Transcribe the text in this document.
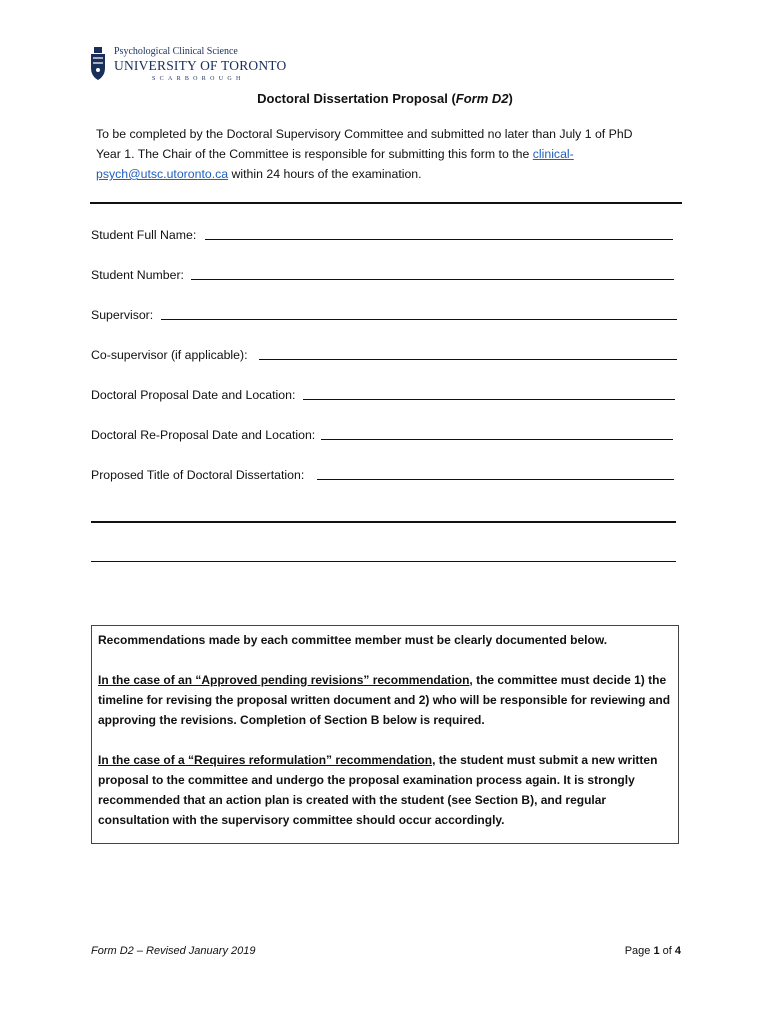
Psychological Clinical Science
UNIVERSITY OF TORONTO
SCARBOROUGH
Doctoral Dissertation Proposal (Form D2)
To be completed by the Doctoral Supervisory Committee and submitted no later than July 1 of PhD Year 1. The Chair of the Committee is responsible for submitting this form to the clinical-
psych@utsc.utoronto.ca within 24 hours of the examination.
Student Full Name:
Student Number:
Supervisor:
Co-supervisor (if applicable):
Doctoral Proposal Date and Location:
Doctoral Re-Proposal Date and Location:
Proposed Title of Doctoral Dissertation:

Recommendations made by each committee member must be clearly documented below.

In the case of an “Approved pending revisions” recommendation, the committee must decide 1) the timeline for revising the proposal written document and 2) who will be responsible for reviewing and approving the revisions. Completion of Section B below is required.

In the case of a “Requires reformulation” recommendation, the student must submit a new written proposal to the committee and undergo the proposal examination process again. It is strongly recommended that an action plan is created with the student (see Section B), and regular consultation with the supervisory committee should occur accordingly.

Form D2 – Revised January 2019	Page 1 of 4
